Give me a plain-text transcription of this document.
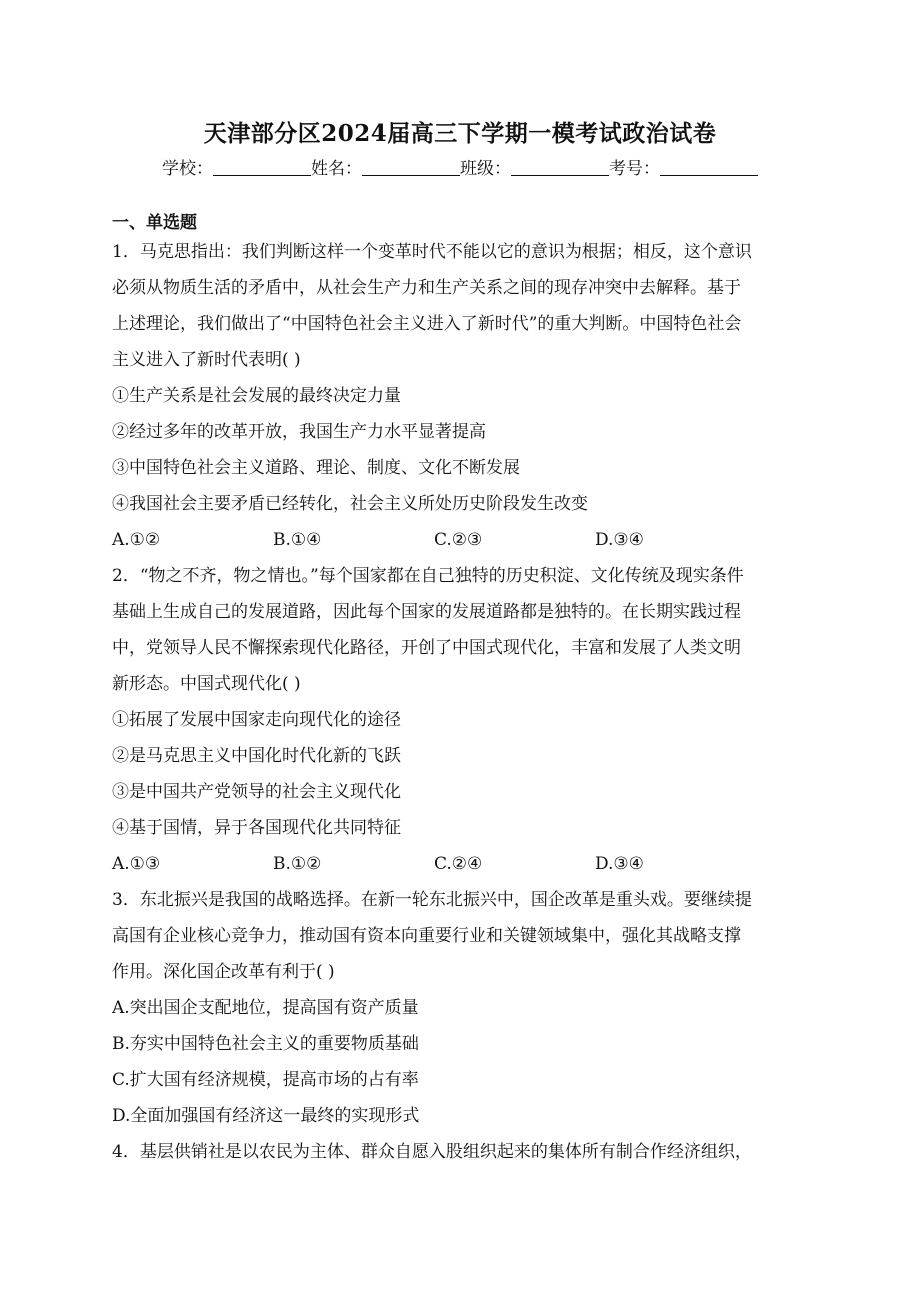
天津部分区2024届高三下学期一模考试政治试卷
学校：	姓名：	班级：	考号：
一、单选题
1．马克思指出：我们判断这样一个变革时代不能以它的意识为根据；相反，这个意识
必须从物质生活的矛盾中，从社会生产力和生产关系之间的现存冲突中去解释。基于
上述理论，我们做出了“中国特色社会主义进入了新时代”的重大判断。中国特色社会
主义进入了新时代表明( )
①生产关系是社会发展的最终决定力量
②经过多年的改革开放，我国生产力水平显著提高
③中国特色社会主义道路、理论、制度、文化不断发展
④我国社会主要矛盾已经转化，社会主义所处历史阶段发生改变
A.①②	B.①④	C.②③	D.③④
2．“物之不齐，物之情也。”每个国家都在自己独特的历史积淀、文化传统及现实条件
基础上生成自己的发展道路，因此每个国家的发展道路都是独特的。在长期实践过程
中，党领导人民不懈探索现代化路径，开创了中国式现代化，丰富和发展了人类文明
新形态。中国式现代化( )
①拓展了发展中国家走向现代化的途径
②是马克思主义中国化时代化新的飞跃
③是中国共产党领导的社会主义现代化
④基于国情，异于各国现代化共同特征
A.①③	B.①②	C.②④	D.③④
3．东北振兴是我国的战略选择。在新一轮东北振兴中，国企改革是重头戏。要继续提
高国有企业核心竞争力，推动国有资本向重要行业和关键领域集中，强化其战略支撑
作用。深化国企改革有利于( )
A.突出国企支配地位，提高国有资产质量
B.夯实中国特色社会主义的重要物质基础
C.扩大国有经济规模，提高市场的占有率
D.全面加强国有经济这一最终的实现形式
4．基层供销社是以农民为主体、群众自愿入股组织起来的集体所有制合作经济组织，
